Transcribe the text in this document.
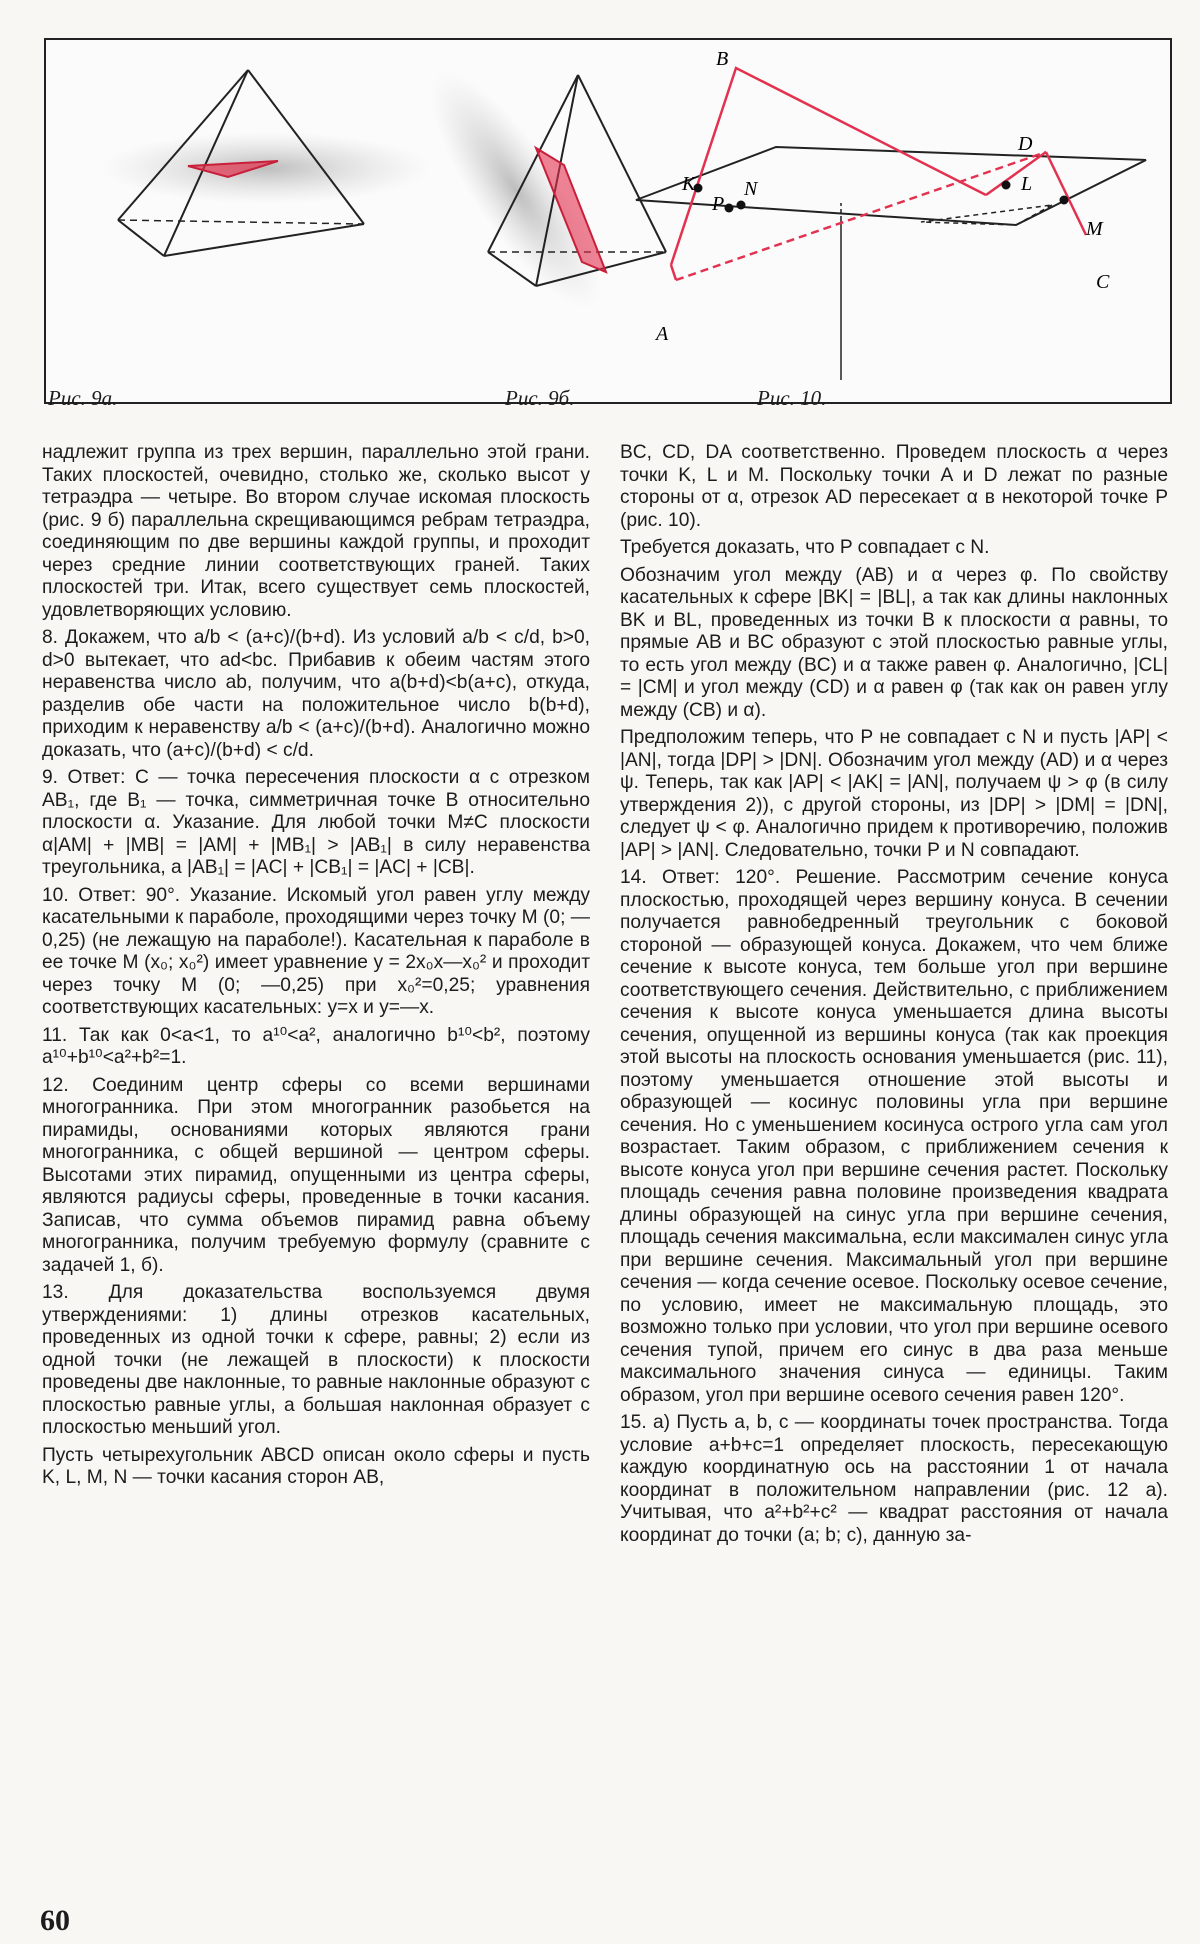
B
A
C
D
K	L
M
N
P
Рис. 9а.	Рис. 9б.	Рис. 10.

надлежит группа из трех вершин, параллельно этой грани. Таких плоскостей, очевидно, столько же, сколько высот у тетраэдра — четыре. Во втором случае искомая плоскость (рис. 9 б) параллельна скрещивающимся ребрам тетраэдра, соединяющим по две вершины каждой группы, и проходит через средние линии соответствующих граней. Таких плоскостей три. Итак, всего существует семь плоскостей, удовлетворяющих условию.

8. Докажем, что a/b < (a+c)/(b+d). Из условий a/b < c/d, b>0, d>0 вытекает, что ad<bc. Прибавив к обеим частям этого неравенства число ab, получим, что a(b+d)<b(a+c), откуда, разделив обе части на положительное число b(b+d), приходим к неравенству a/b < (a+c)/(b+d). Аналогично можно доказать, что (a+c)/(b+d) < c/d.

9. Ответ: C — точка пересечения плоскости α с отрезком AB₁, где B₁ — точка, симметричная точке B относительно плоскости α. Указание. Для любой точки M≠C плоскости α|AM| + |MB| = |AM| + |MB₁| > |AB₁| в силу неравенства треугольника, а |AB₁| = |AC| + |CB₁| = |AC| + |CB|.

10. Ответ: 90°. Указание. Искомый угол равен углу между касательными к параболе, проходящими через точку M (0; —0,25) (не лежащую на параболе!). Касательная к параболе в ее точке M (x₀; x₀²) имеет уравнение y = 2x₀x—x₀² и проходит через точку M (0; —0,25) при x₀²=0,25; уравнения соответствующих касательных: y=x и y=—x.

11. Так как 0<a<1, то a¹⁰<a², аналогично b¹⁰<b², поэтому a¹⁰+b¹⁰<a²+b²=1.

12. Соединим центр сферы со всеми вершинами многогранника. При этом многогранник разобьется на пирамиды, основаниями которых являются грани многогранника, с общей вершиной — центром сферы. Высотами этих пирамид, опущенными из центра сферы, являются радиусы сферы, проведенные в точки касания. Записав, что сумма объемов пирамид равна объему многогранника, получим требуемую формулу (сравните с задачей 1, б).

13. Для доказательства воспользуемся двумя утверждениями: 1) длины отрезков касательных, проведенных из одной точки к сфере, равны; 2) если из одной точки (не лежащей в плоскости) к плоскости проведены две наклонные, то равные наклонные образуют с плоскостью равные углы, а большая наклонная образует с плоскостью меньший угол.

Пусть четырехугольник ABCD описан около сферы и пусть K, L, M, N — точки касания сторон AB,

BC, CD, DA соответственно. Проведем плоскость α через точки K, L и M. Поскольку точки A и D лежат по разные стороны от α, отрезок AD пересекает α в некоторой точке P (рис. 10).

Требуется доказать, что P совпадает с N.

Обозначим угол между (AB) и α через φ. По свойству касательных к сфере |BK| = |BL|, а так как длины наклонных BK и BL, проведенных из точки B к плоскости α равны, то прямые AB и BC образуют с этой плоскостью равные углы, то есть угол между (BC) и α также равен φ. Аналогично, |CL| = |CM| и угол между (CD) и α равен φ (так как он равен углу между (CB) и α).

Предположим теперь, что P не совпадает с N и пусть |AP| < |AN|, тогда |DP| > |DN|. Обозначим угол между (AD) и α через ψ. Теперь, так как |AP| < |AK| = |AN|, получаем ψ > φ (в силу утверждения 2)), с другой стороны, из |DP| > |DM| = |DN|, следует ψ < φ. Аналогично придем к противоречию, положив |AP| > |AN|. Следовательно, точки P и N совпадают.

14. Ответ: 120°. Решение. Рассмотрим сечение конуса плоскостью, проходящей через вершину конуса. В сечении получается равнобедренный треугольник с боковой стороной — образующей конуса. Докажем, что чем ближе сечение к высоте конуса, тем больше угол при вершине соответствующего сечения. Действительно, с приближением сечения к высоте конуса уменьшается длина высоты сечения, опущенной из вершины конуса (так как проекция этой высоты на плоскость основания уменьшается (рис. 11), поэтому уменьшается отношение этой высоты и образующей — косинус половины угла при вершине сечения. Но с уменьшением косинуса острого угла сам угол возрастает. Таким образом, с приближением сечения к высоте конуса угол при вершине сечения растет. Поскольку площадь сечения равна половине произведения квадрата длины образующей на синус угла при вершине сечения, площадь сечения максимальна, если максимален синус угла при вершине сечения. Максимальный угол при вершине сечения — когда сечение осевое. Поскольку осевое сечение, по условию, имеет не максимальную площадь, это возможно только при условии, что угол при вершине осевого сечения тупой, причем его синус в два раза меньше максимального значения синуса — единицы. Таким образом, угол при вершине осевого сечения равен 120°.

15. а) Пусть a, b, c — координаты точек пространства. Тогда условие a+b+c=1 определяет плоскость, пересекающую каждую координатную ось на расстоянии 1 от начала координат в положительном направлении (рис. 12 а). Учитывая, что a²+b²+c² — квадрат расстояния от начала координат до точки (a; b; c), данную за-

60
